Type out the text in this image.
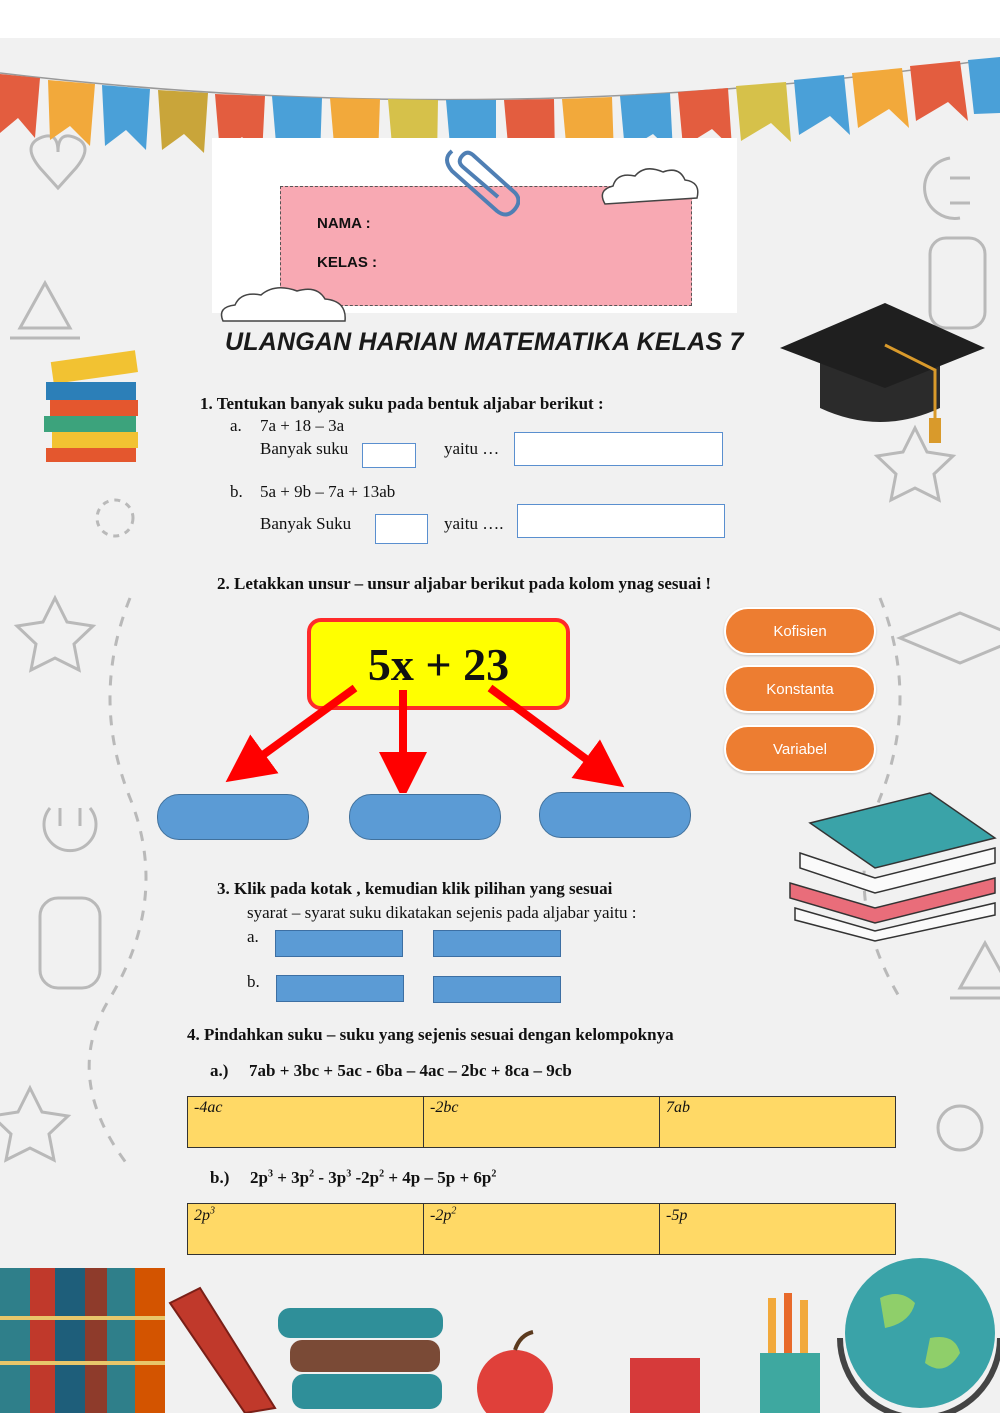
NAMA :
KELAS :
ULANGAN HARIAN MATEMATIKA KELAS 7
1. Tentukan banyak suku pada bentuk aljabar berikut :
a. 7a + 18 – 3a
Banyak suku	yaitu …
b. 5a + 9b – 7a + 13ab
Banyak Suku	yaitu ….
2. Letakkan unsur – unsur aljabar berikut pada kolom ynag sesuai !
5x + 23
Kofisien
Konstanta
Variabel
3. Klik pada kotak , kemudian klik pilihan yang sesuai
syarat – syarat suku dikatakan sejenis pada aljabar yaitu :
a.
b.
4. Pindahkan suku – suku yang sejenis sesuai dengan kelompoknya
a.) 7ab + 3bc + 5ac - 6ba – 4ac – 2bc + 8ca – 9cb
-4ac	-2bc	7ab
b.) $2p^3 + 3p^2 - 3p^3$ $-2p^2 + 4p - 5p + 6p^2$
$2p^3$	$-2p^2$	-5p
